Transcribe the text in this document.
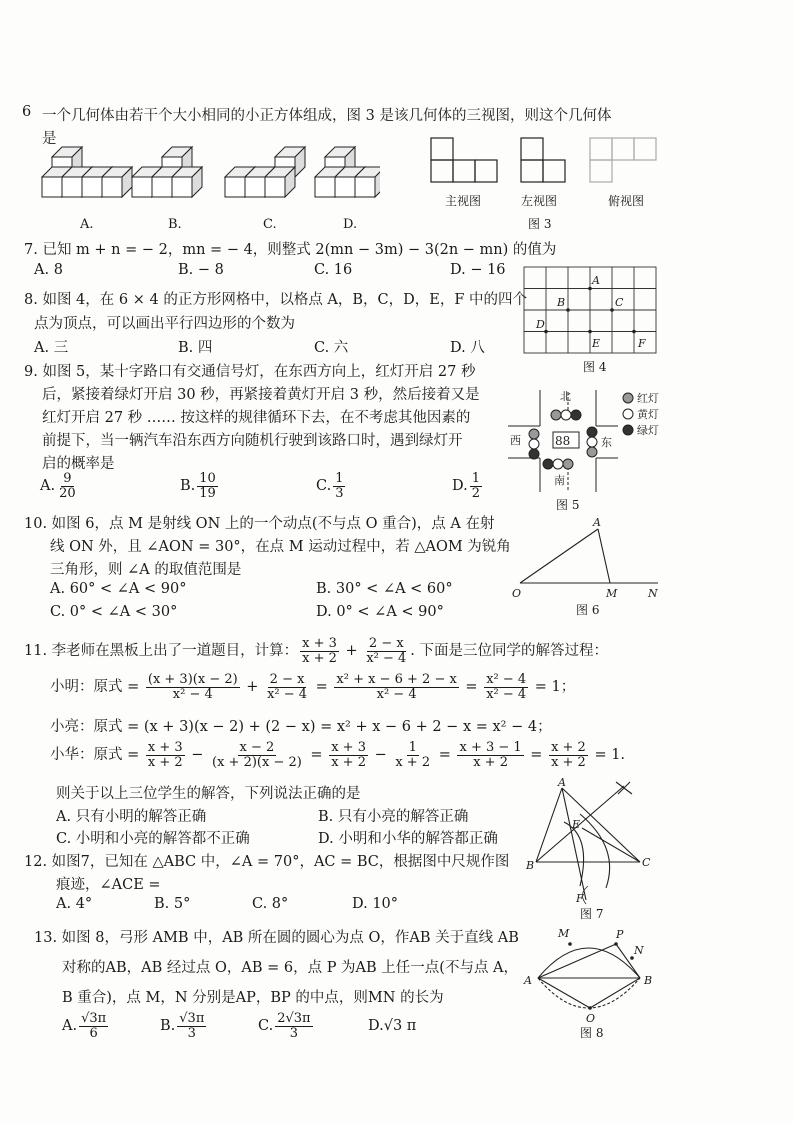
6 一个几何体由若干个大小相同的小正方体组成，图 3 是该几何体的三视图，则这个几何体
是
A.	B.	C.	D.
主视图	左视图	俯视图
图 3
7. 已知 m + n = − 2，mn = − 4，则整式 2(mn − 3m) − 3(2n − mn) 的值为
A. 8	B. − 8	C. 16	D. − 16
8. 如图 4，在 6 × 4 的正方形网格中，以格点 A，B，C，D，E，F 中的四个
点为顶点，可以画出平行四边形的个数为
A. 三	B. 四	C. 六	D. 八
A
B	C
D
E	F
图 4
9. 如图 5，某十字路口有交通信号灯，在东西方向上，红灯开启 27 秒
后，紧接着绿灯开启 30 秒，再紧接着黄灯开启 3 秒，然后接着又是
红灯开启 27 秒 …… 按这样的规律循环下去，在不考虑其他因素的
前提下，当一辆汽车沿东西方向随机行驶到该路口时，遇到绿灯开
启的概率是
A. $\frac{9}{20}$	B. $\frac{10}{19}$	C. $\frac{1}{3}$	D. $\frac{1}{2}$
88
北
西	东
南
红灯
黄灯
绿灯
图 5
10. 如图 6，点 M 是射线 ON 上的一个动点(不与点 O 重合)，点 A 在射
线 ON 外，且 ∠AON = 30°，在点 M 运动过程中，若 △AOM 为锐角
三角形，则 ∠A 的取值范围是
A. 60° < ∠A < 90°	B. 30° < ∠A < 60°
C. 0° < ∠A < 30°	D. 0° < ∠A < 90°
A
O	M	N
图 6
11. 李老师在黑板上出了一道题目，计算： $\frac{x + 3}{x + 2} + \frac{2 - x}{\text{x² − 4}}$ . 下面是三位同学的解答过程：
小明：原式 = $\frac{(x + 3)(x - 2)}{\text{x² − 4}} + \frac{2 - x}{\text{x² − 4}} = \frac{\text{x² + x − 6 + 2 − x}}{\text{x² − 4}} = \frac{\text{x² − 4}}{\text{x² − 4}} = 1$；
小亮：原式 = (x + 3)(x − 2) + (2 − x) = x² + x − 6 + 2 − x = x² − 4；
小华：原式 = $\frac{x + 3}{x + 2} - \frac{x - 2}{(x + 2)(x - 2)} = \frac{x + 3}{x + 2} - \frac{1}{x + 2} = \frac{x + 3 - 1}{x + 2} = \frac{x + 2}{x + 2} = 1$.
则关于以上三位学生的解答，下列说法正确的是
A. 只有小明的解答正确	B. 只有小亮的解答正确
C. 小明和小亮的解答都不正确	D. 小明和小华的解答都正确
12. 如图7，已知在 △ABC 中，∠A = 70°，AC = BC，根据图中尺规作图
痕迹，∠ACE =
A. 4°	B. 5°	C. 8°	D. 10°
A
B	C
E
F
图 7
13. 如图 8，弓形 AMB 中，AB 所在圆的圆心为点 O，作AB 关于直线 AB
对称的AB，AB 经过点 O，AB = 6，点 P 为AB 上任一点(不与点 A，
B 重合)，点 M，N 分别是AP，BP 的中点，则MN 的长为
A. $\frac{√3\pi}{6}$	B. $\frac{√3\pi}{3}$	C. $\frac{2√3\pi}{3}$	D.√3 π
M	P
N
A	B
O
图 8
